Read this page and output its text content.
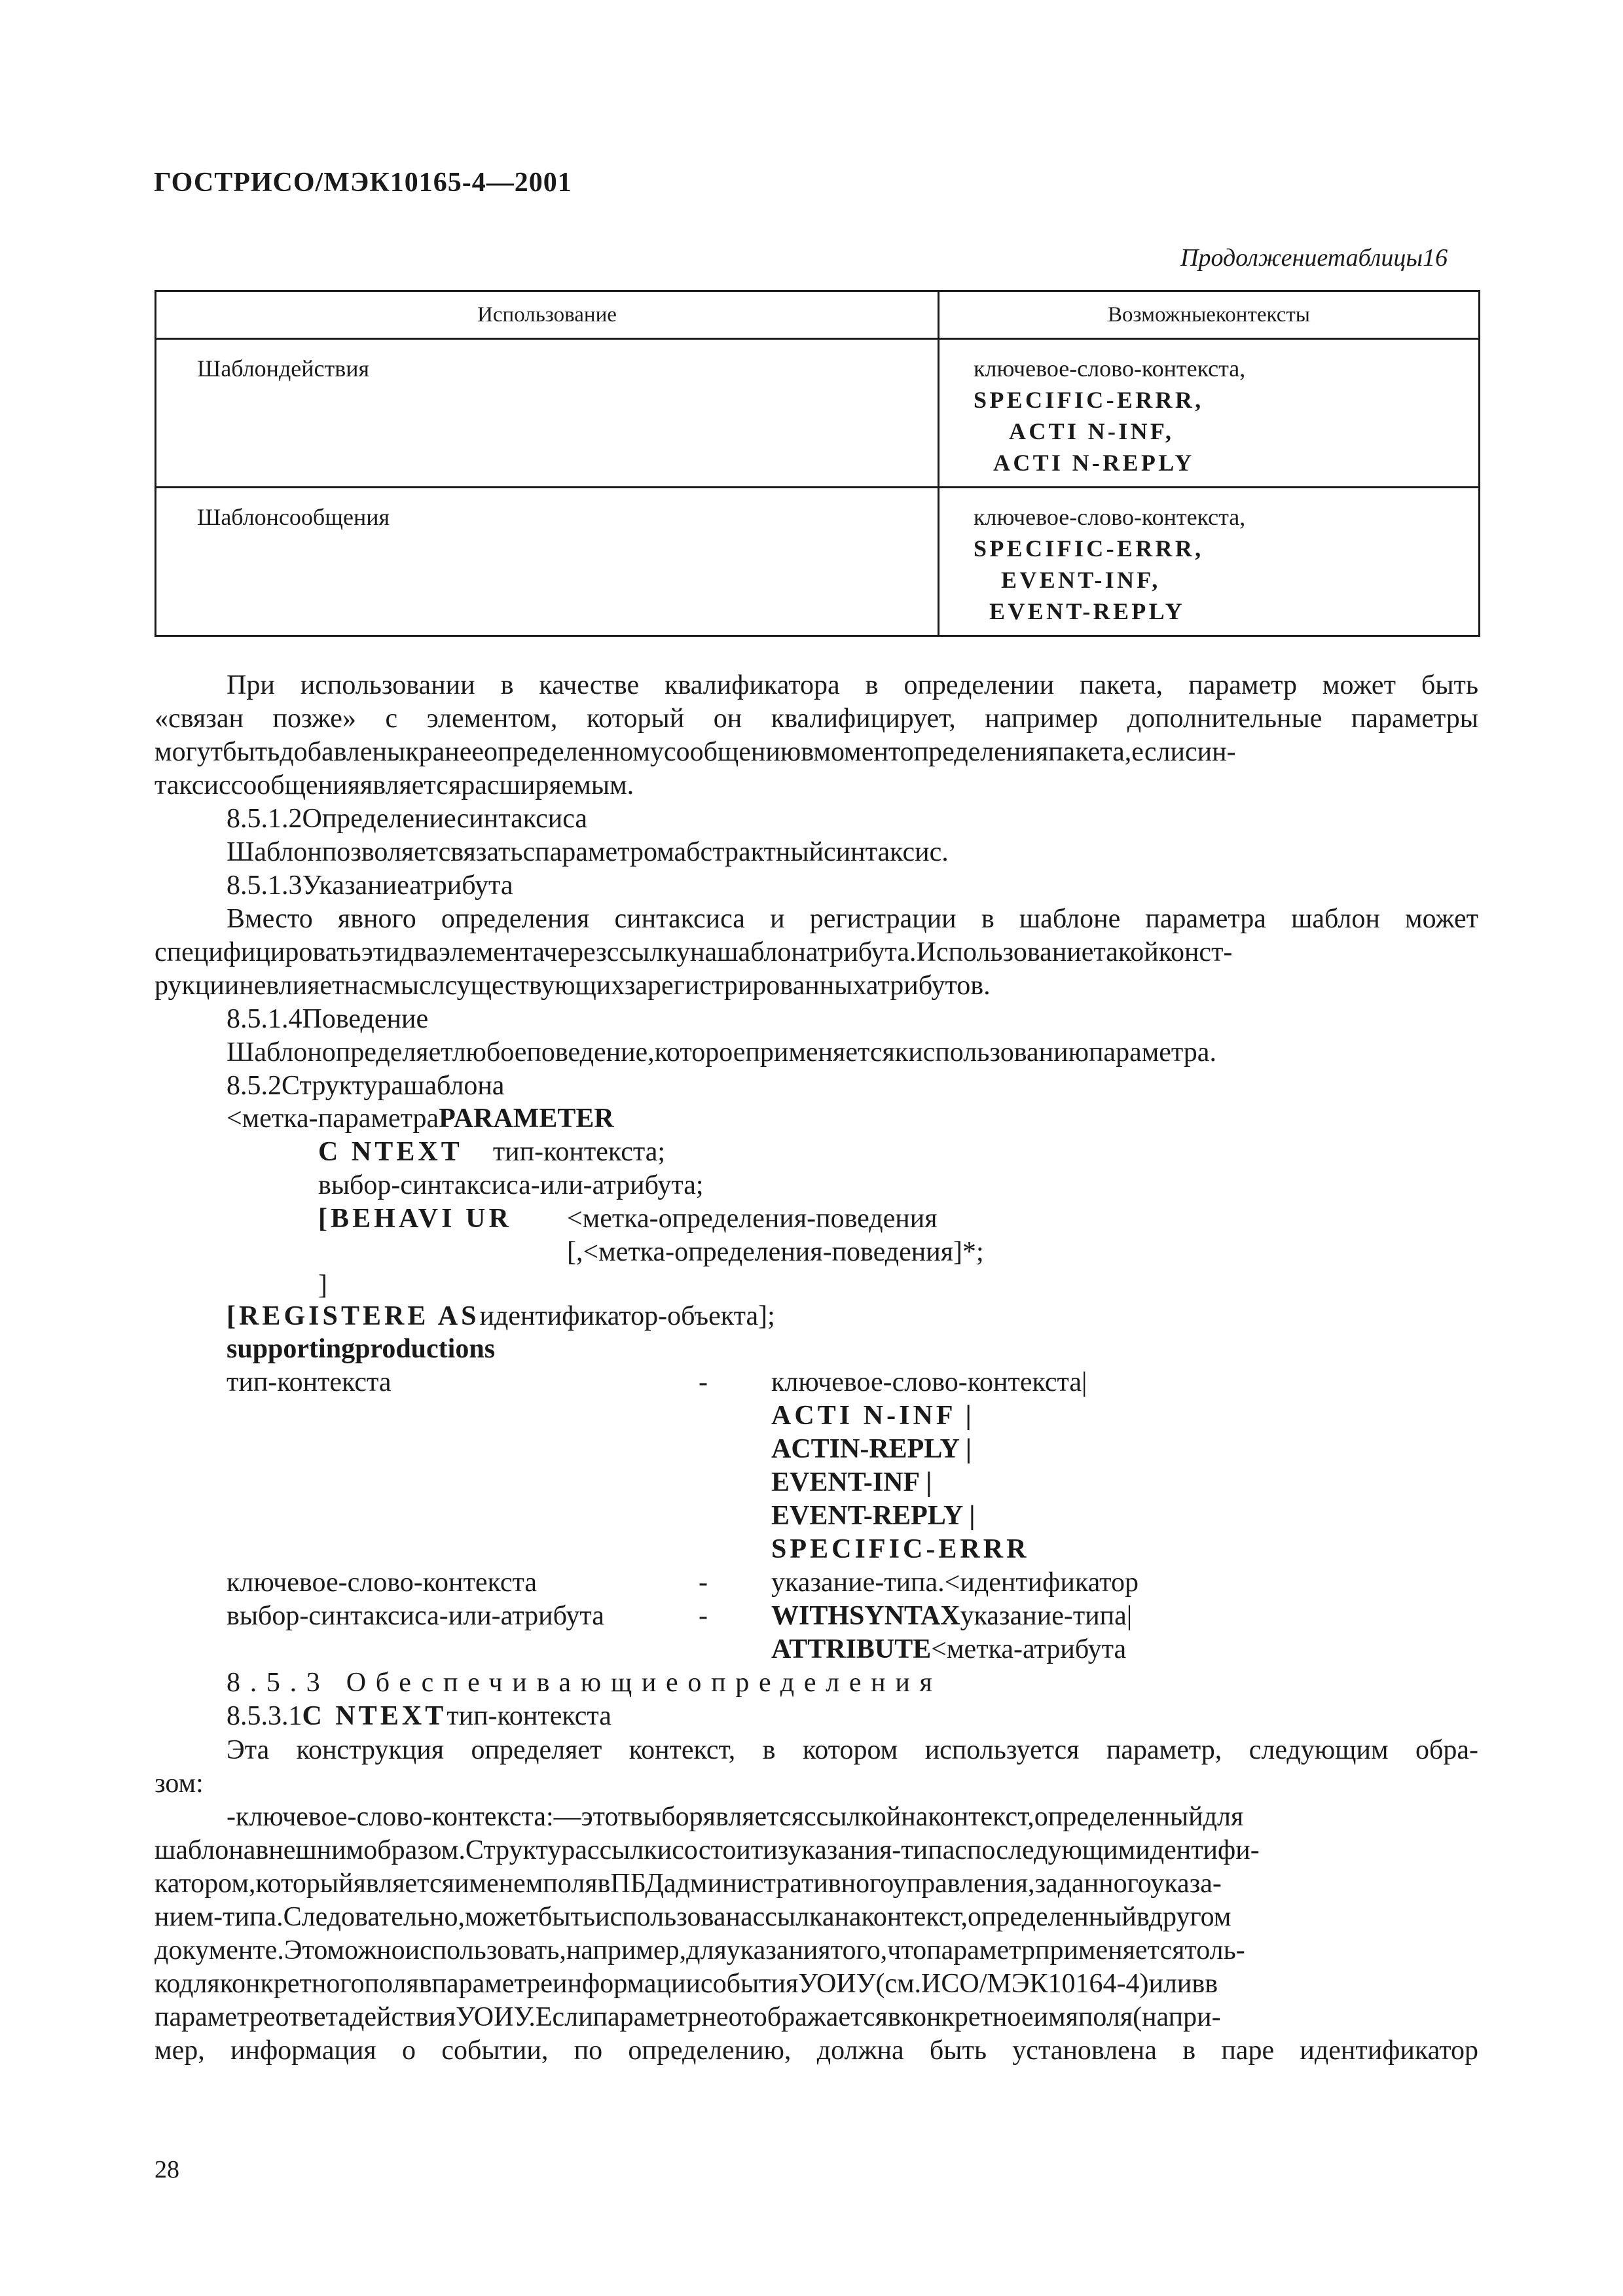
ГОСТРИСО/МЭК10165-4—2001
Продолжениетаблицы16
Использование	Возможныеконтексты
Шаблондействия	ключевое-слово-контекста,
SPECIFIC-ERRR,
ACTI N-INF,
ACTI N-REPLY

Шаблонсообщения	ключевое-слово-контекста,
SPECIFIC-ERRR,
EVENT-INF,
EVENT-REPLY
При использовании в качестве квалификатора в определении пакета, параметр может быть
«связан позже» с элементом, который он квалифицирует, например дополнительные параметры
могутбытьдобавленыкранееопределенномусообщениювмоментопределенияпакета,еслисин-
таксиссообщенияявляетсярасширяемым.
8.5.1.2Определениесинтаксиса
Шаблонпозволяетсвязатьспараметромабстрактныйсинтаксис.
8.5.1.3Указаниеатрибута
Вместо явного определения синтаксиса и регистрации в шаблоне параметра шаблон может
специфицироватьэтидваэлементачерезссылкунашаблонатрибута.Использованиетакойконст-
рукцииневлияетнасмыслсуществующихзарегистрированныхатрибутов.
8.5.1.4Поведение
Шаблонопределяетлюбоеповедение,котороеприменяетсякиспользованиюпараметра.
8.5.2Структурашаблона
<метка-параметраPARAMETER
C NTEXT тип-контекста;
выбор-синтаксиса-или-атрибута;
[BEHAVI UR <метка-определения-поведения
[,<метка-определения-поведения]*;
]
[REGISTERE ASидентификатор-объекта];
supportingproductions
тип-контекста	- ключевое-слово-контекста|
ACTI N-INF |
ACTIN-REPLY |
EVENT-INF |
EVENT-REPLY |
SPECIFIC-ERRR
ключевое-слово-контекста	- указание-типа.<идентификатор
выбор-синтаксиса-или-атрибута	- WITHSYNTAXуказание-типа|
ATTRIBUTE<метка-атрибута
8.5.3 Обеспечивающиеопределения
8.5.3.1C NTEXTтип-контекста
Эта конструкция определяет контекст, в котором используется параметр, следующим обра-
зом:
-ключевое-слово-контекста:—этотвыборявляетсяссылкойнаконтекст,определенныйдля
шаблонавнешнимобразом.Структурассылкисостоитизуказания-типаспоследующимидентифи-
катором,которыйявляетсяименемполявПБДадминистративногоуправления,заданногоуказа-
нием-типа.Следовательно,можетбытьиспользованассылканаконтекст,определенныйвдругом
документе.Этоможноиспользовать,например,дляуказаниятого,чтопараметрприменяетсятоль-
кодляконкретногополявпараметреинформациисобытияУОИУ(см.ИСО/МЭК10164-4)иливв
параметреответадействияУОИУ.Еслипараметрнеотображаетсявконкретноеимяполя(напри-
мер, информация о событии, по определению, должна быть установлена в паре идентификатор
28
